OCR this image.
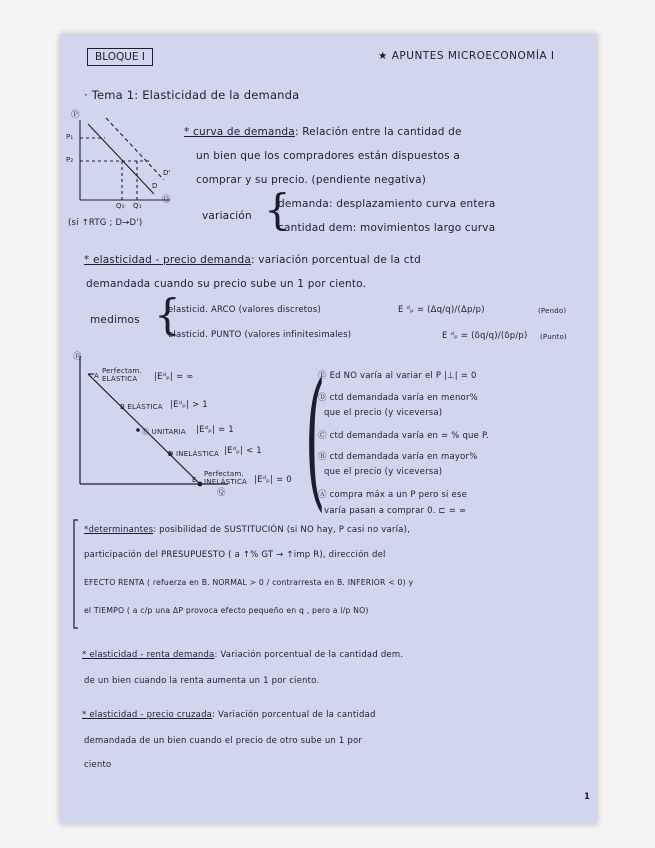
BLOQUE I	★ APUNTES MICROECONOMÍA I
· Tema 1: Elasticidad de la demanda
Ⓟ
P₁
P₂
D
D'
Ⓠ
Q₀ Q₁
(si ↑RTG ; D→D')
* curva de demanda: Relación entre la cantidad de
un bien que los compradores están dispuestos a
comprar y su precio. (pendiente negativa)
variación {
demanda: desplazamiento curva entera
cantidad dem: movimientos largo curva
* elasticidad - precio demanda: variación porcentual de la ctd
demandada cuando su precio sube un 1 por ciento.
medimos {
elasticid. ARCO (valores discretos)	E ᵈₚ = (Δq/q)/(Δp/p)	(Pendo)
elasticid. PUNTO (valores infinitesimales)	E ᵈₚ = (δq/q)/(δp/p) (Punto)
Ⓟ
A
Perfectam. ELÁSTICA	|Eᵈₚ| = ∞
B ELÁSTICA |Eᵈₚ| > 1
Ⓒ UNITARIA |Eᵈₚ| = 1
D INELÁSTICA |Eᵈₚ| < 1
Perfectam. INELÁSTICA |Eᵈₚ| = 0
E
Ⓠ (
Ⓔ Ed NO varía al variar el P |⊥| = 0
Ⓓ ctd demandada varía en menor%
que el precio (y viceversa)
Ⓒ ctd demandada varía en = % que P.
Ⓑ ctd demandada varía en mayor%
que el precio (y viceversa)
Ⓐ compra máx a un P pero si ese
varía pasan a comprar 0. ⊏ = ∞
*determinantes: posibilidad de SUSTITUCIÓN (si NO hay, P casi no varía),
participación del PRESUPUESTO ( a ↑% GT → ↑imp R), dirección del
EFECTO RENTA ( refuerza en B. NORMAL > 0 / contrarresta en B. INFERIOR < 0) y
el TIEMPO ( a c/p una ΔP provoca efecto pequeño en q , pero a l/p NO)
* elasticidad - renta demanda: Variación porcentual de la cantidad dem.
de un bien cuando la renta aumenta un 1 por ciento.
* elasticidad - precio cruzada: Variación porcentual de la cantidad
demandada de un bien cuando el precio de otro sube un 1 por
ciento
1
